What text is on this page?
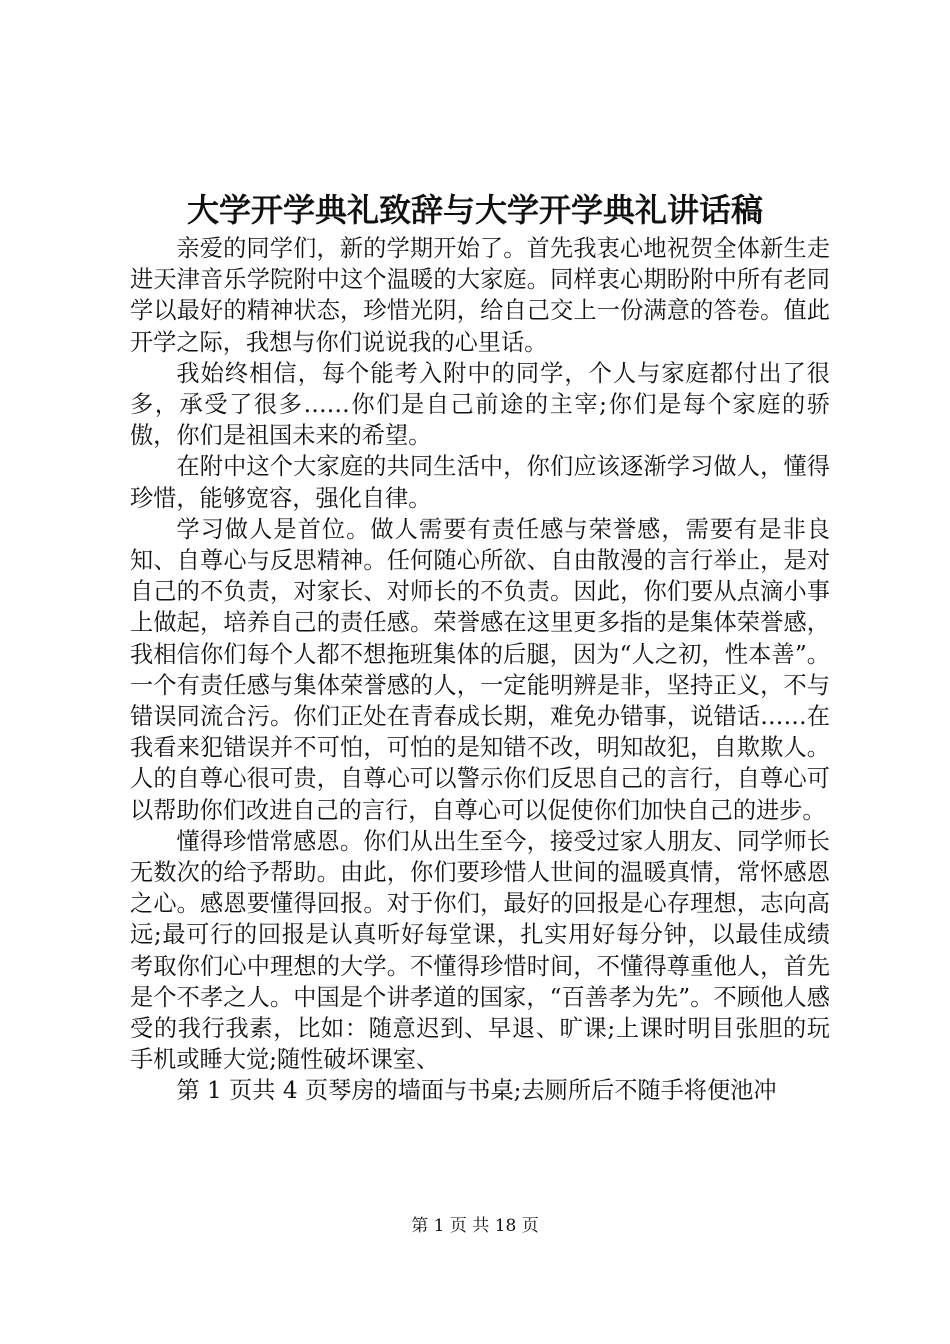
大学开学典礼致辞与大学开学典礼讲话稿

亲爱的同学们，新的学期开始了。首先我衷心地祝贺全体新生走进天津音乐学院附中这个温暖的大家庭。同样衷心期盼附中所有老同学以最好的精神状态，珍惜光阴，给自己交上一份满意的答卷。值此开学之际，我想与你们说说我的心里话。

我始终相信，每个能考入附中的同学，个人与家庭都付出了很多，承受了很多……你们是自己前途的主宰;你们是每个家庭的骄傲，你们是祖国未来的希望。

在附中这个大家庭的共同生活中，你们应该逐渐学习做人，懂得珍惜，能够宽容，强化自律。

学习做人是首位。做人需要有责任感与荣誉感，需要有是非良知、自尊心与反思精神。任何随心所欲、自由散漫的言行举止，是对自己的不负责，对家长、对师长的不负责。因此，你们要从点滴小事上做起，培养自己的责任感。荣誉感在这里更多指的是集体荣誉感，我相信你们每个人都不想拖班集体的后腿，因为“人之初，性本善”。一个有责任感与集体荣誉感的人，一定能明辨是非，坚持正义，不与错误同流合污。你们正处在青春成长期，难免办错事，说错话……在我看来犯错误并不可怕，可怕的是知错不改，明知故犯，自欺欺人。人的自尊心很可贵，自尊心可以警示你们反思自己的言行，自尊心可以帮助你们改进自己的言行，自尊心可以促使你们加快自己的进步。

懂得珍惜常感恩。你们从出生至今，接受过家人朋友、同学师长无数次的给予帮助。由此，你们要珍惜人世间的温暖真情，常怀感恩之心。感恩要懂得回报。对于你们，最好的回报是心存理想，志向高远;最可行的回报是认真听好每堂课，扎实用好每分钟，以最佳成绩考取你们心中理想的大学。不懂得珍惜时间，不懂得尊重他人，首先是个不孝之人。中国是个讲孝道的国家，“百善孝为先”。不顾他人感受的我行我素，比如：随意迟到、早退、旷课;上课时明目张胆的玩手机或睡大觉;随性破坏课室、

第 1 页共 4 页琴房的墙面与书桌;去厕所后不随手将便池冲

第 1 页 共 18 页
